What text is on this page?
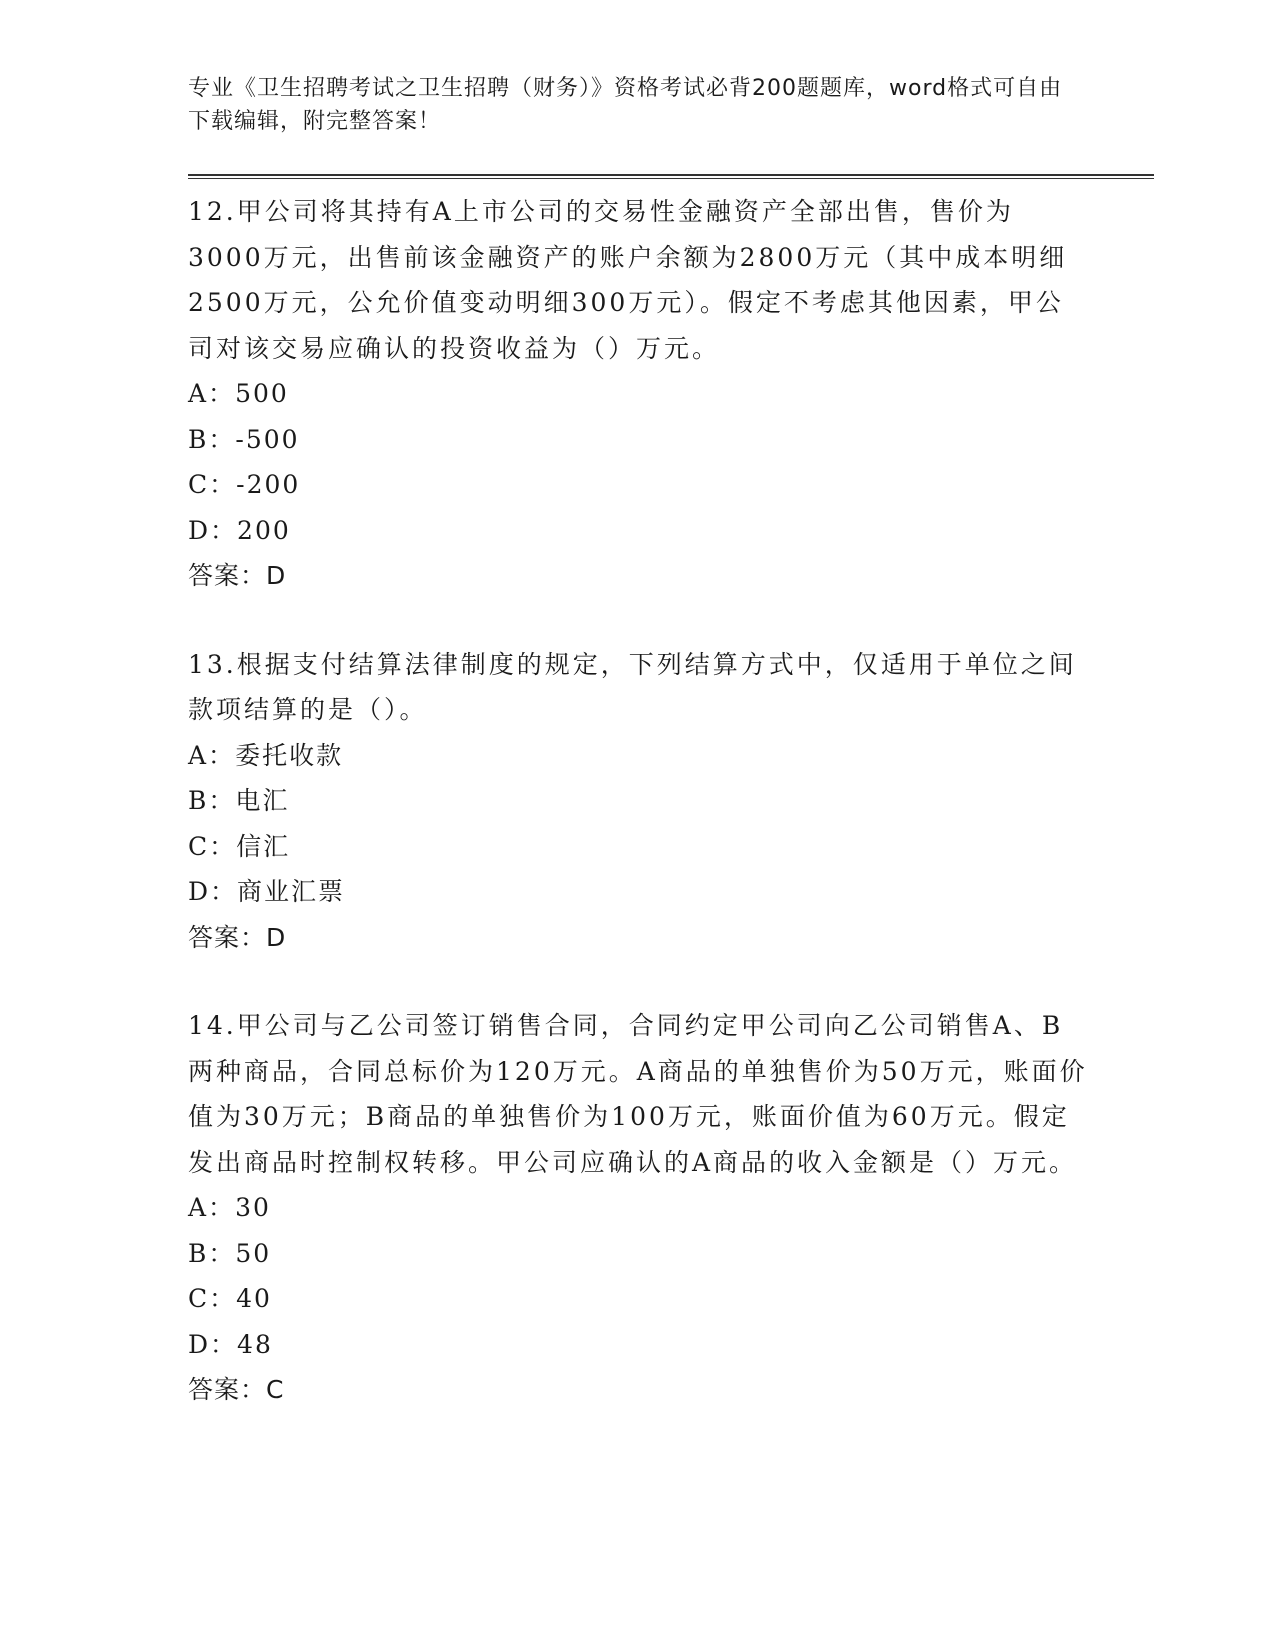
专业《卫生招聘考试之卫生招聘（财务）》资格考试必背200题题库，word格式可自由下载编辑，附完整答案！

12.甲公司将其持有A上市公司的交易性金融资产全部出售，售价为3000万元，出售前该金融资产的账户余额为2800万元（其中成本明细2500万元，公允价值变动明细300万元）。假定不考虑其他因素，甲公司对该交易应确认的投资收益为（）万元。

A：500

B：-500

C：-200

D：200

答案：D

13.根据支付结算法律制度的规定，下列结算方式中，仅适用于单位之间款项结算的是（）。

A：委托收款

B：电汇

C：信汇

D：商业汇票

答案：D

14.甲公司与乙公司签订销售合同，合同约定甲公司向乙公司销售A、B两种商品，合同总标价为120万元。A商品的单独售价为50万元，账面价值为30万元；B商品的单独售价为100万元，账面价值为60万元。假定发出商品时控制权转移。甲公司应确认的A商品的收入金额是（）万元。

A：30

B：50

C：40

D：48

答案：C
